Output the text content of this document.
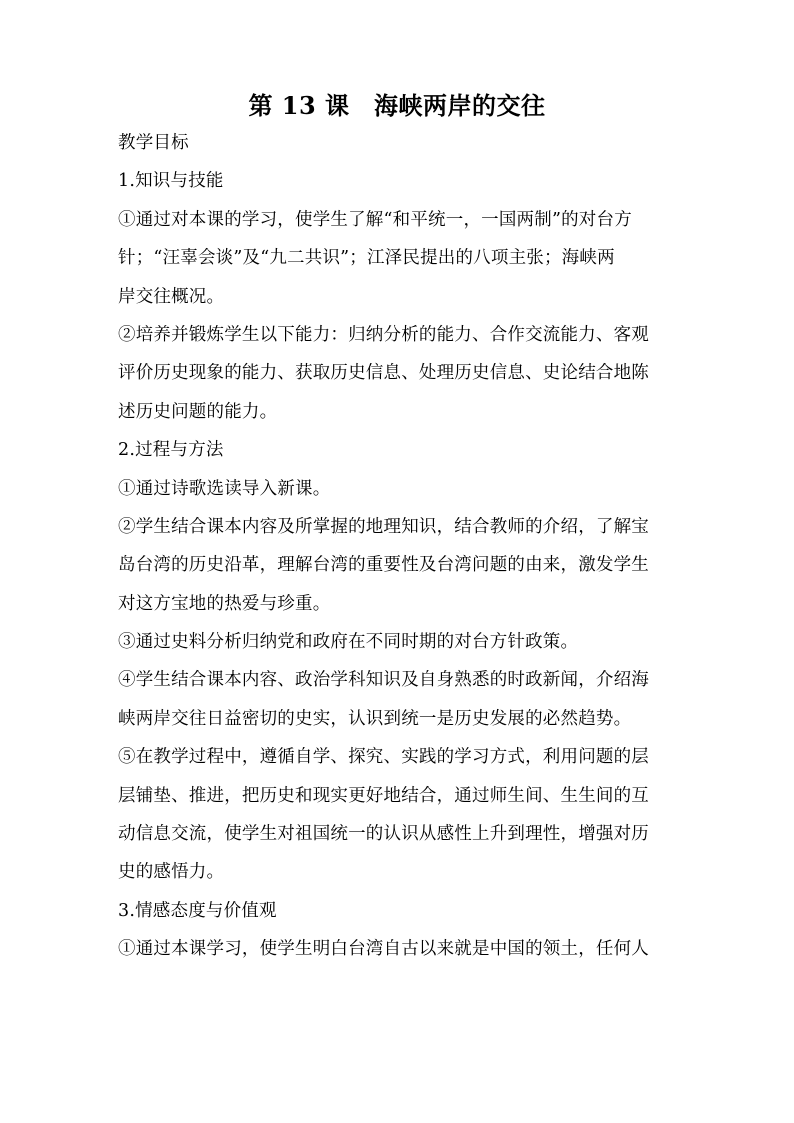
第 13 课　海峡两岸的交往
教学目标
1.知识与技能
①通过对本课的学习，使学生了解“和平统一，一国两制”的对台方
针；“汪辜会谈”及“九二共识”；江泽民提出的八项主张；海峡两
岸交往概况。
②培养并锻炼学生以下能力：归纳分析的能力、合作交流能力、客观
评价历史现象的能力、获取历史信息、处理历史信息、史论结合地陈
述历史问题的能力。
2.过程与方法
①通过诗歌选读导入新课。
②学生结合课本内容及所掌握的地理知识，结合教师的介绍，了解宝
岛台湾的历史沿革，理解台湾的重要性及台湾问题的由来，激发学生
对这方宝地的热爱与珍重。
③通过史料分析归纳党和政府在不同时期的对台方针政策。
④学生结合课本内容、政治学科知识及自身熟悉的时政新闻，介绍海
峡两岸交往日益密切的史实，认识到统一是历史发展的必然趋势。
⑤在教学过程中，遵循自学、探究、实践的学习方式，利用问题的层
层铺垫、推进，把历史和现实更好地结合，通过师生间、生生间的互
动信息交流，使学生对祖国统一的认识从感性上升到理性，增强对历
史的感悟力。
3.情感态度与价值观
①通过本课学习，使学生明白台湾自古以来就是中国的领土，任何人
